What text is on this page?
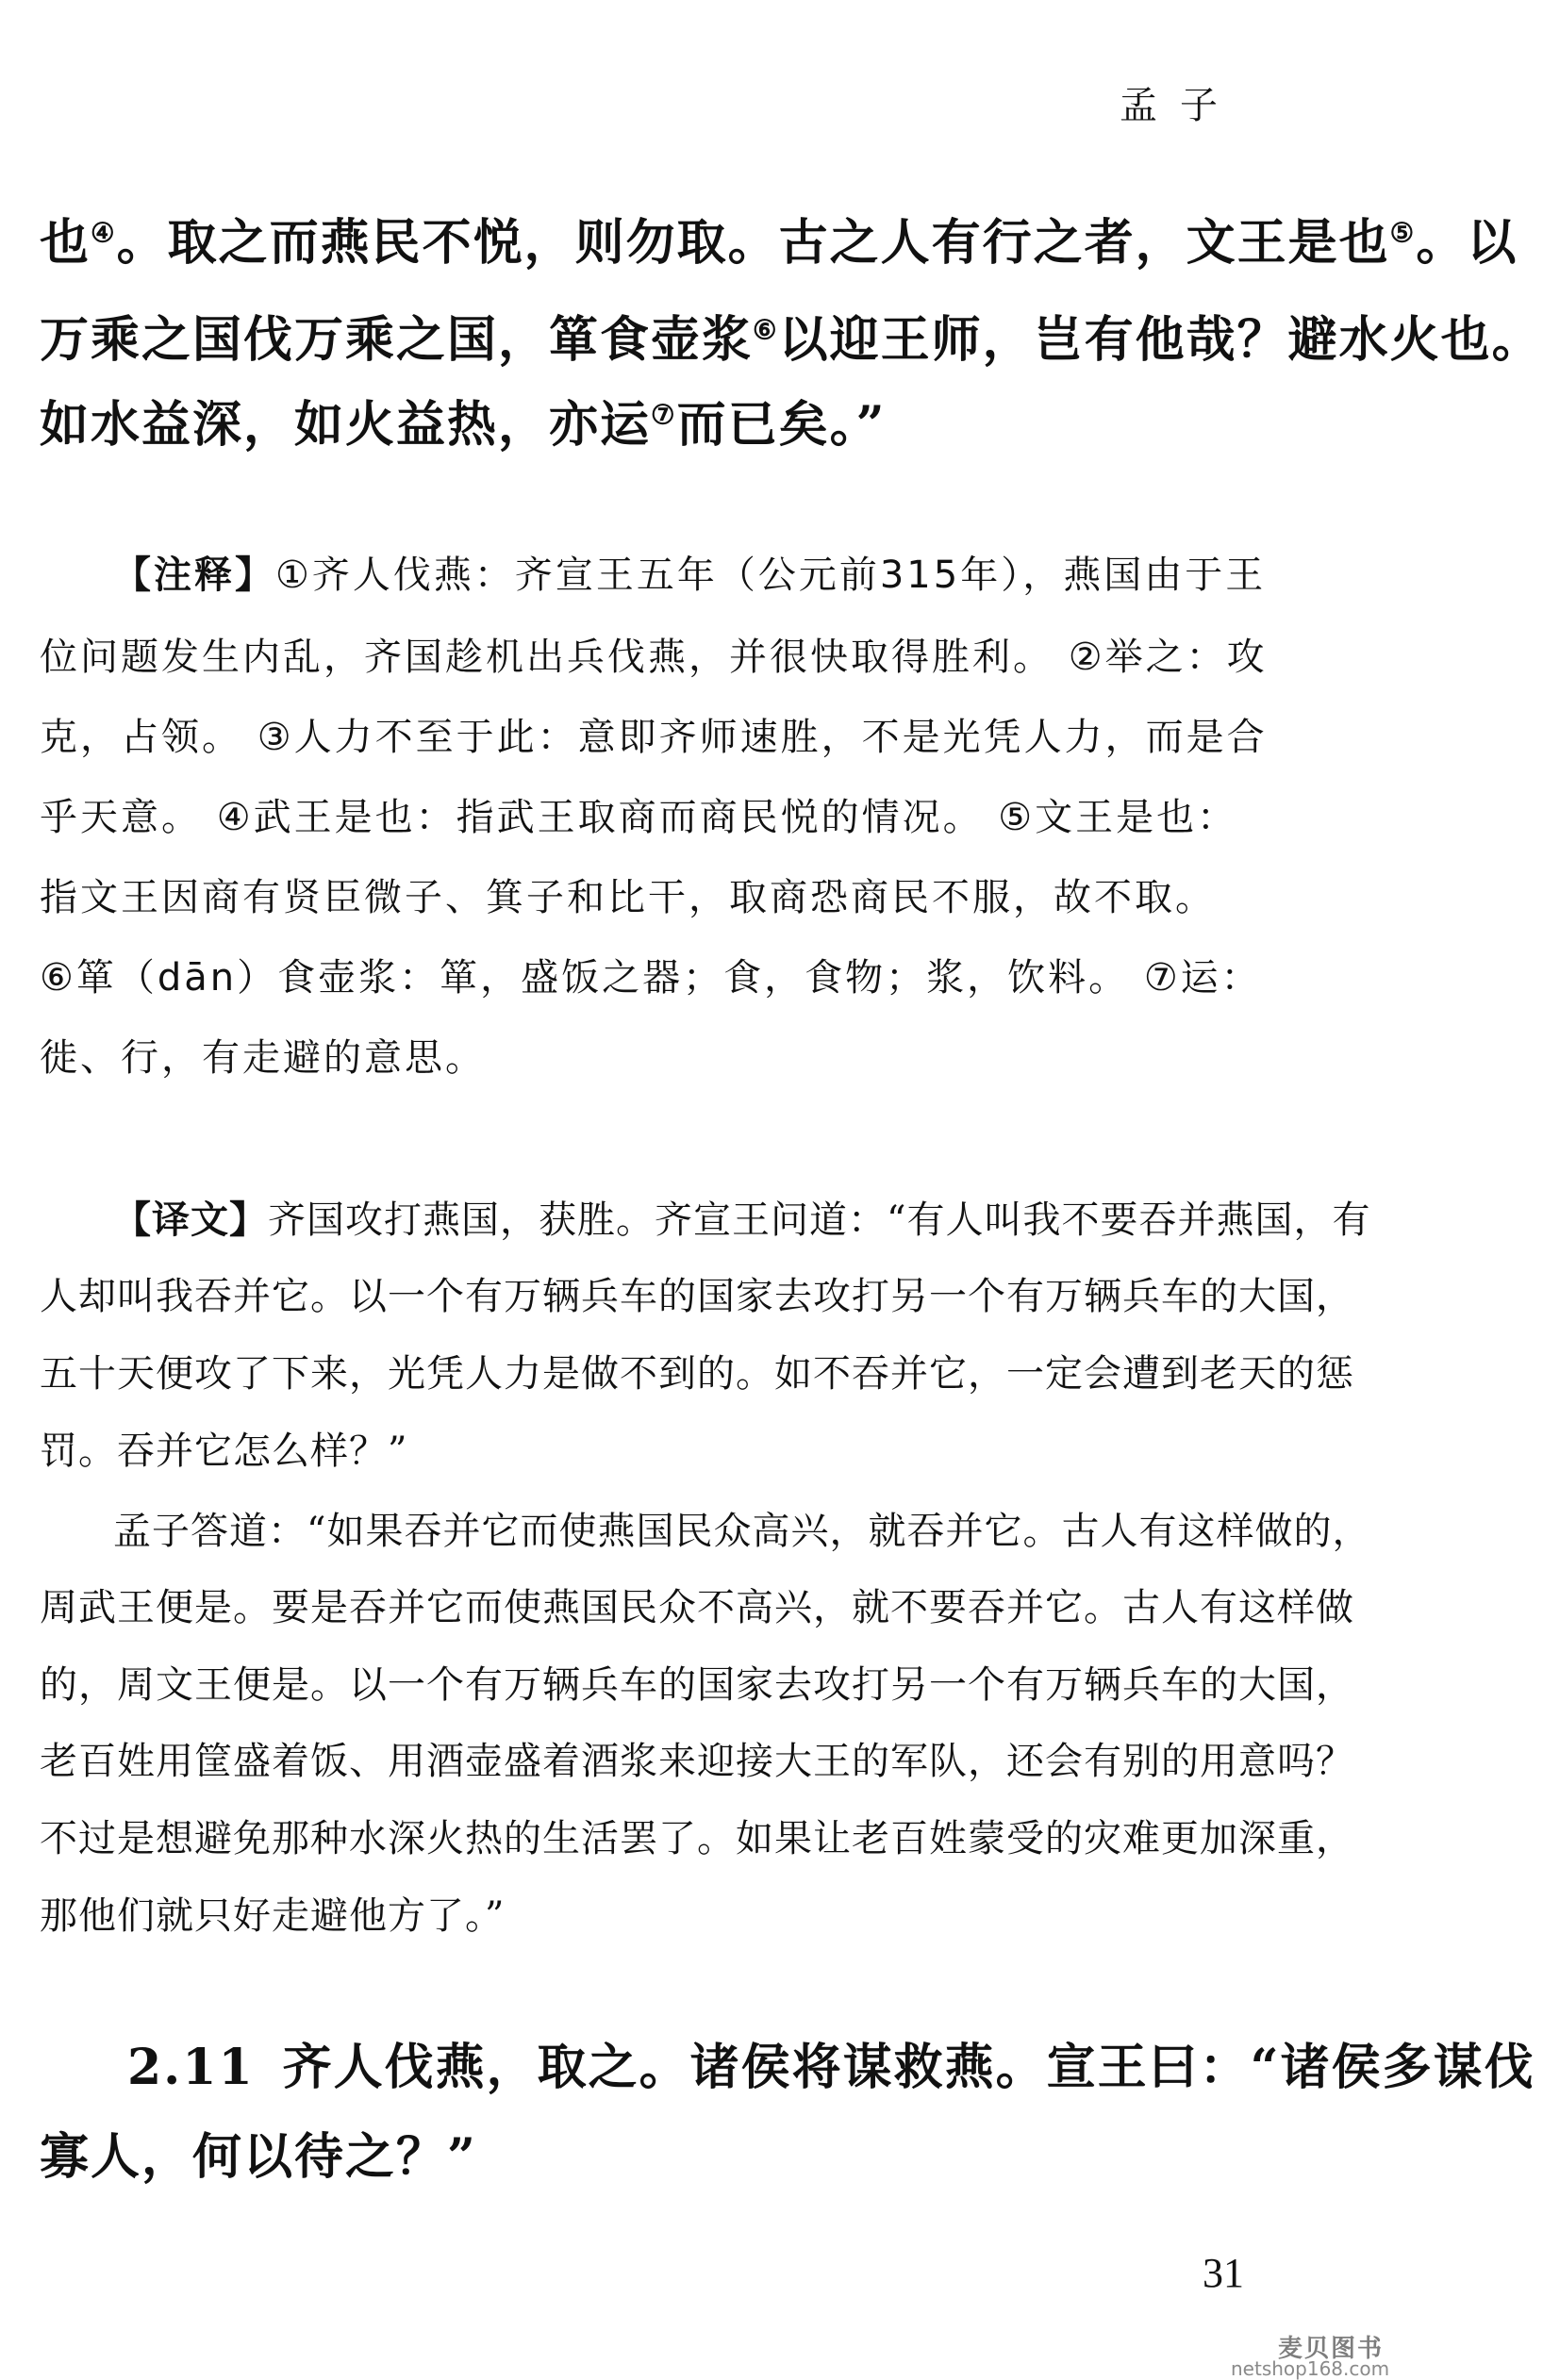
孟子
也④。取之而燕民不悦，则勿取。古之人有行之者，文王是也⑤。以
万乘之国伐万乘之国，箪食壶浆⑥以迎王师，岂有他哉？避水火也。
如水益深，如火益热，亦运⑦而已矣。”
【注释】①齐人伐燕：齐宣王五年（公元前315年），燕国由于王
位问题发生内乱，齐国趁机出兵伐燕，并很快取得胜利。 ②举之：攻
克，占领。 ③人力不至于此：意即齐师速胜，不是光凭人力，而是合
乎天意。 ④武王是也：指武王取商而商民悦的情况。 ⑤文王是也：
指文王因商有贤臣微子、箕子和比干，取商恐商民不服，故不取。
⑥箪（dān）食壶浆：箪，盛饭之器；食，食物；浆，饮料。 ⑦运：
徙、行，有走避的意思。
【译文】齐国攻打燕国，获胜。齐宣王问道：“有人叫我不要吞并燕国，有
人却叫我吞并它。以一个有万辆兵车的国家去攻打另一个有万辆兵车的大国，
五十天便攻了下来，光凭人力是做不到的。如不吞并它，一定会遭到老天的惩
罚。吞并它怎么样？”
孟子答道：“如果吞并它而使燕国民众高兴，就吞并它。古人有这样做的，
周武王便是。要是吞并它而使燕国民众不高兴，就不要吞并它。古人有这样做
的，周文王便是。以一个有万辆兵车的国家去攻打另一个有万辆兵车的大国，
老百姓用筐盛着饭、用酒壶盛着酒浆来迎接大王的军队，还会有别的用意吗？
不过是想避免那种水深火热的生活罢了。如果让老百姓蒙受的灾难更加深重，
那他们就只好走避他方了。”
2.11 齐人伐燕，取之。诸侯将谋救燕。宣王曰：“诸侯多谋伐
寡人，何以待之？”
31
麦贝图书
netshop168.com
